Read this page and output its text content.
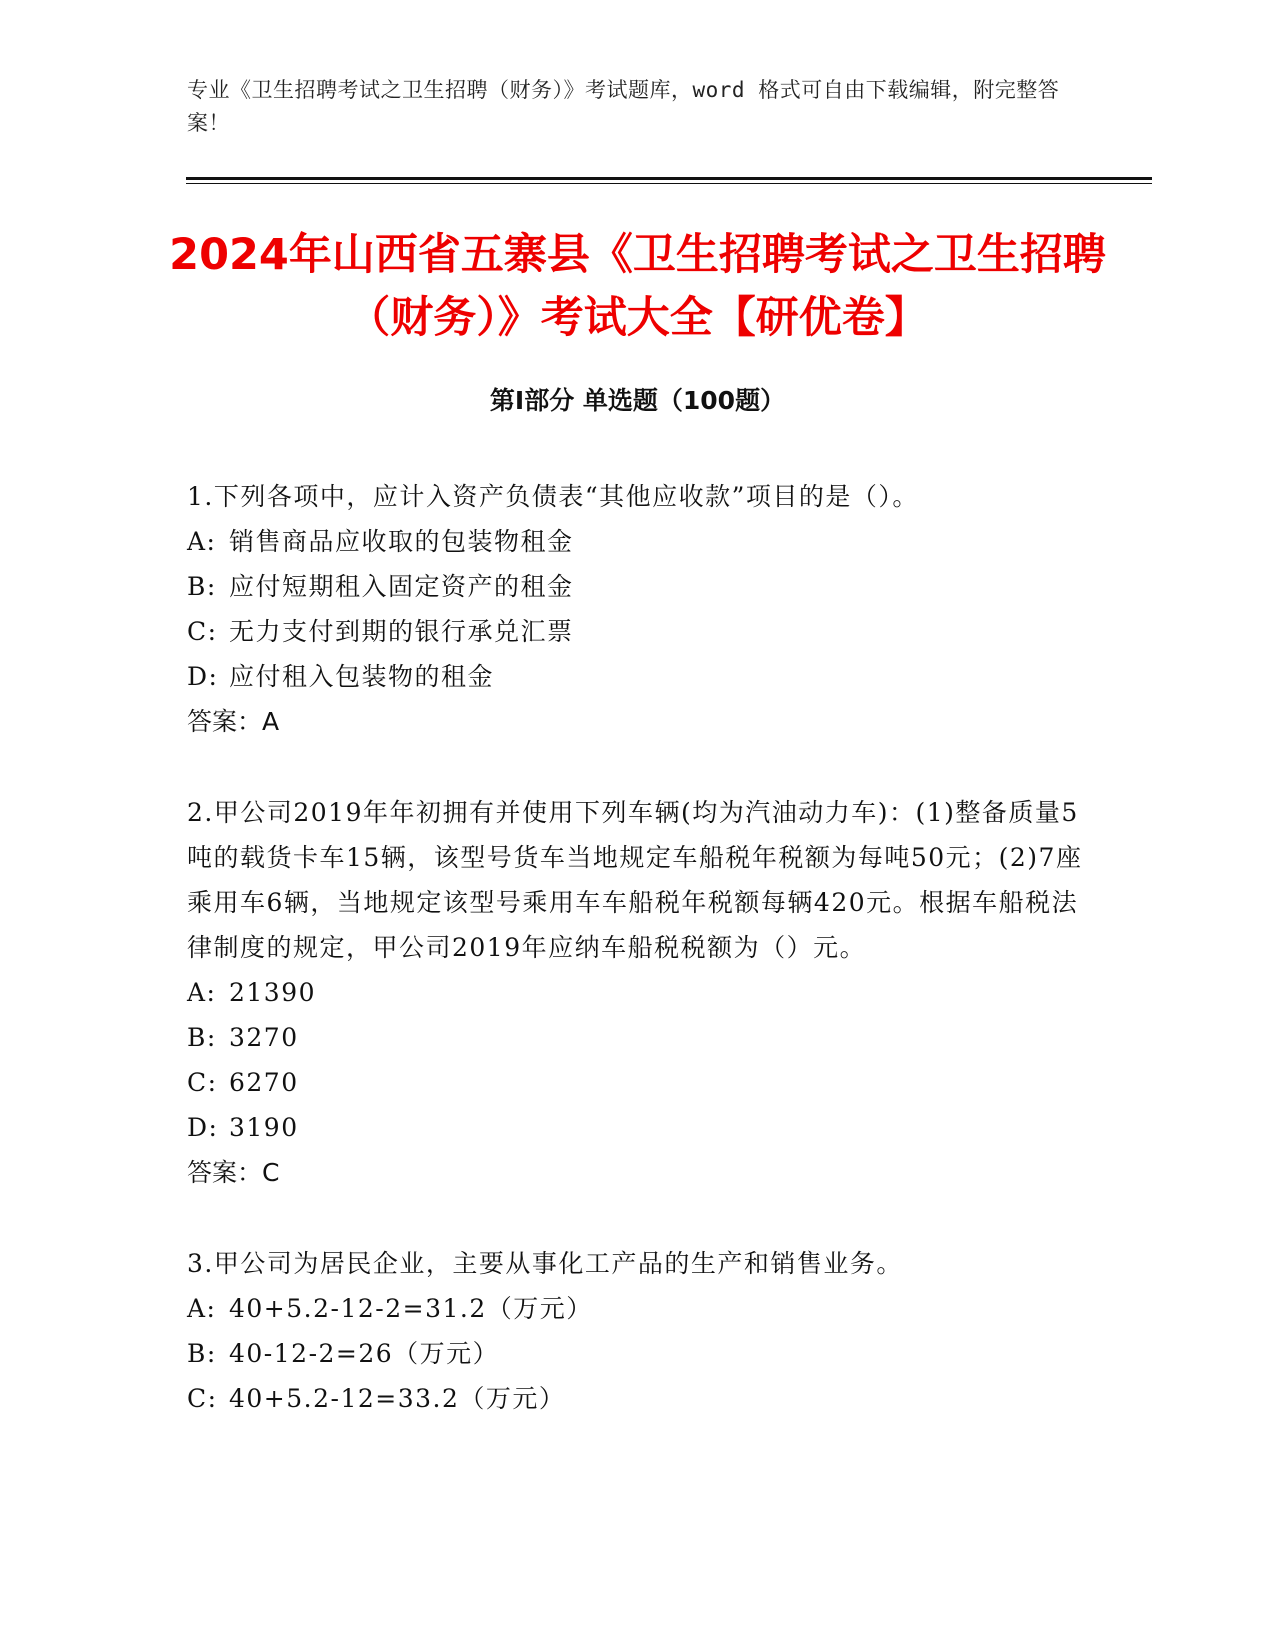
专业《卫生招聘考试之卫生招聘（财务）》考试题库，word 格式可自由下载编辑，附完整答案！
2024年山西省五寨县《卫生招聘考试之卫生招聘（财务）》考试大全【研优卷】
第Ⅰ部分 单选题（100题）

1.下列各项中，应计入资产负债表“其他应收款”项目的是（）。

A: 销售商品应收取的包装物租金

B: 应付短期租入固定资产的租金

C: 无力支付到期的银行承兑汇票

D: 应付租入包装物的租金

答案： A

2.甲公司2019年年初拥有并使用下列车辆(均为汽油动力车)：(1)整备质量5吨的载货卡车15辆，该型号货车当地规定车船税年税额为每吨50元；(2)7座乘用车6辆，当地规定该型号乘用车车船税年税额每辆420元。根据车船税法律制度的规定，甲公司2019年应纳车船税税额为（）元。

A: 21390

B: 3270

C: 6270

D: 3190

答案： C

3.甲公司为居民企业，主要从事化工产品的生产和销售业务。

A: 40+5.2-12-2=31.2（万元）

B: 40-12-2=26（万元）

C: 40+5.2-12=33.2（万元）
